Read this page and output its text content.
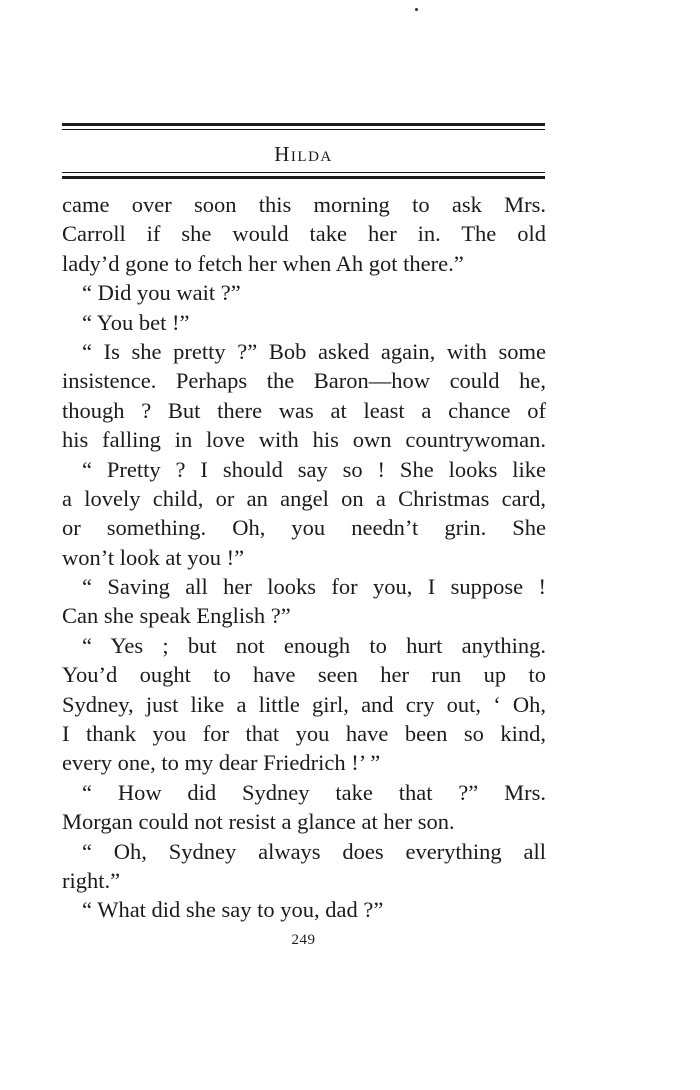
Hilda
came over soon this morning to ask Mrs.
Carroll if she would take her in. The old
lady’d gone to fetch her when Ah got there.”
“ Did you wait ?”
“ You bet !”
“ Is she pretty ?” Bob asked again, with some
insistence. Perhaps the Baron—how could he,
though ? But there was at least a chance of
his falling in love with his own countrywoman.
“ Pretty ? I should say so ! She looks like
a lovely child, or an angel on a Christmas card,
or something. Oh, you needn’t grin. She
won’t look at you !”
“ Saving all her looks for you, I suppose !
Can she speak English ?”
“ Yes ; but not enough to hurt anything.
You’d ought to have seen her run up to
Sydney, just like a little girl, and cry out, ‘ Oh,
I thank you for that you have been so kind,
every one, to my dear Friedrich !’ ”
“ How did Sydney take that ?” Mrs.
Morgan could not resist a glance at her son.
“ Oh, Sydney always does everything all
right.”
“ What did she say to you, dad ?”
249
